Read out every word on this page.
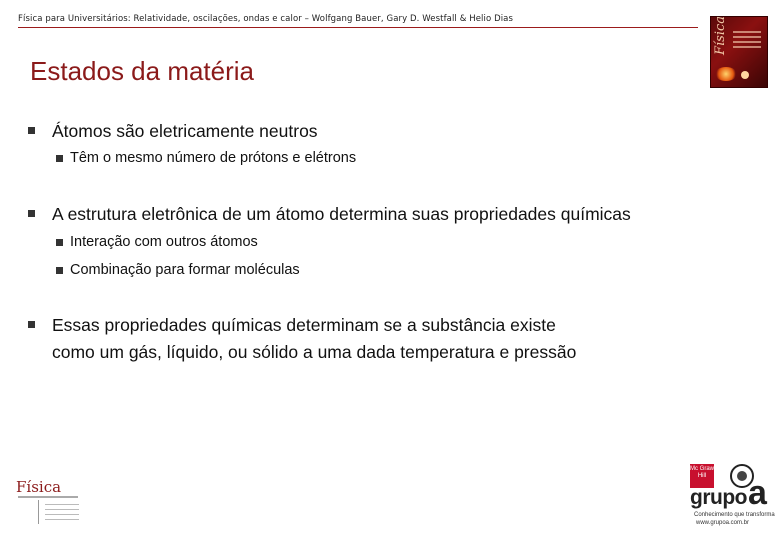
Física para Universitários: Relatividade, oscilações, ondas e calor – Wolfgang Bauer, Gary D. Westfall & Helio Dias	Física
Estados da matéria
Átomos são eletricamente neutros
Têm o mesmo número de prótons e elétrons
A estrutura eletrônica de um átomo determina suas propriedades químicas
Interação com outros átomos
Combinação para formar moléculas
Essas propriedades químicas determinam se a substância existe
como um gás, líquido, ou sólido a uma dada temperatura e pressão
Física
Mc Graw Hill
grupo a
Conhecimento que transforma
www.grupoa.com.br
